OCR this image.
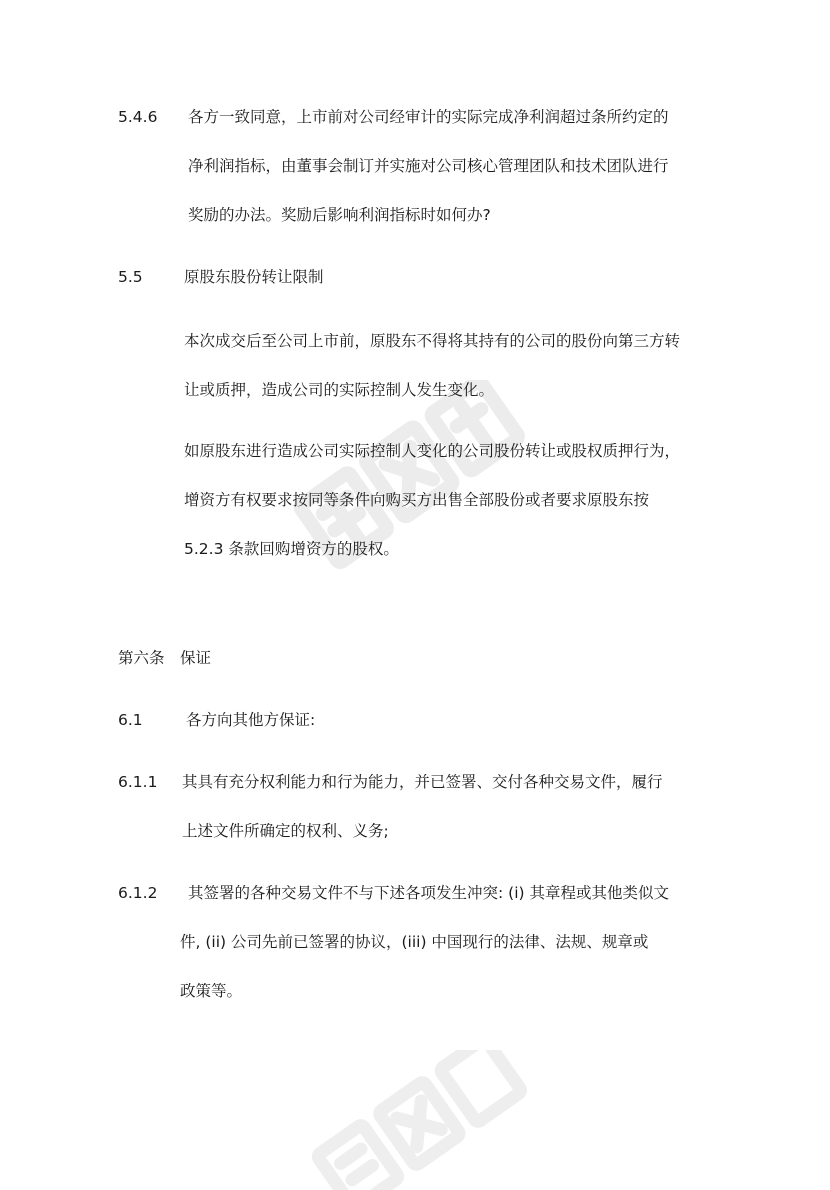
5.4.6 各方一致同意，上市前对公司经审计的实际完成净利润超过条所约定的
净利润指标，由董事会制订并实施对公司核心管理团队和技术团队进行
奖励的办法。奖励后影响利润指标时如何办?
5.5	原股东股份转让限制
本次成交后至公司上市前，原股东不得将其持有的公司的股份向第三方转
让或质押，造成公司的实际控制人发生变化。
如原股东进行造成公司实际控制人变化的公司股份转让或股权质押行为，
增资方有权要求按同等条件向购买方出售全部股份或者要求原股东按
5.2.3 条款回购增资方的股权。
第六条　保证
6.1	各方向其他方保证:
6.1.1 其具有充分权利能力和行为能力，并已签署、交付各种交易文件，履行
上述文件所确定的权利、义务;
6.1.2 其签署的各种交易文件不与下述各项发生冲突: (i) 其章程或其他类似文
件, (ii) 公司先前已签署的协议，(iii) 中国现行的法律、法规、规章或
政策等。
